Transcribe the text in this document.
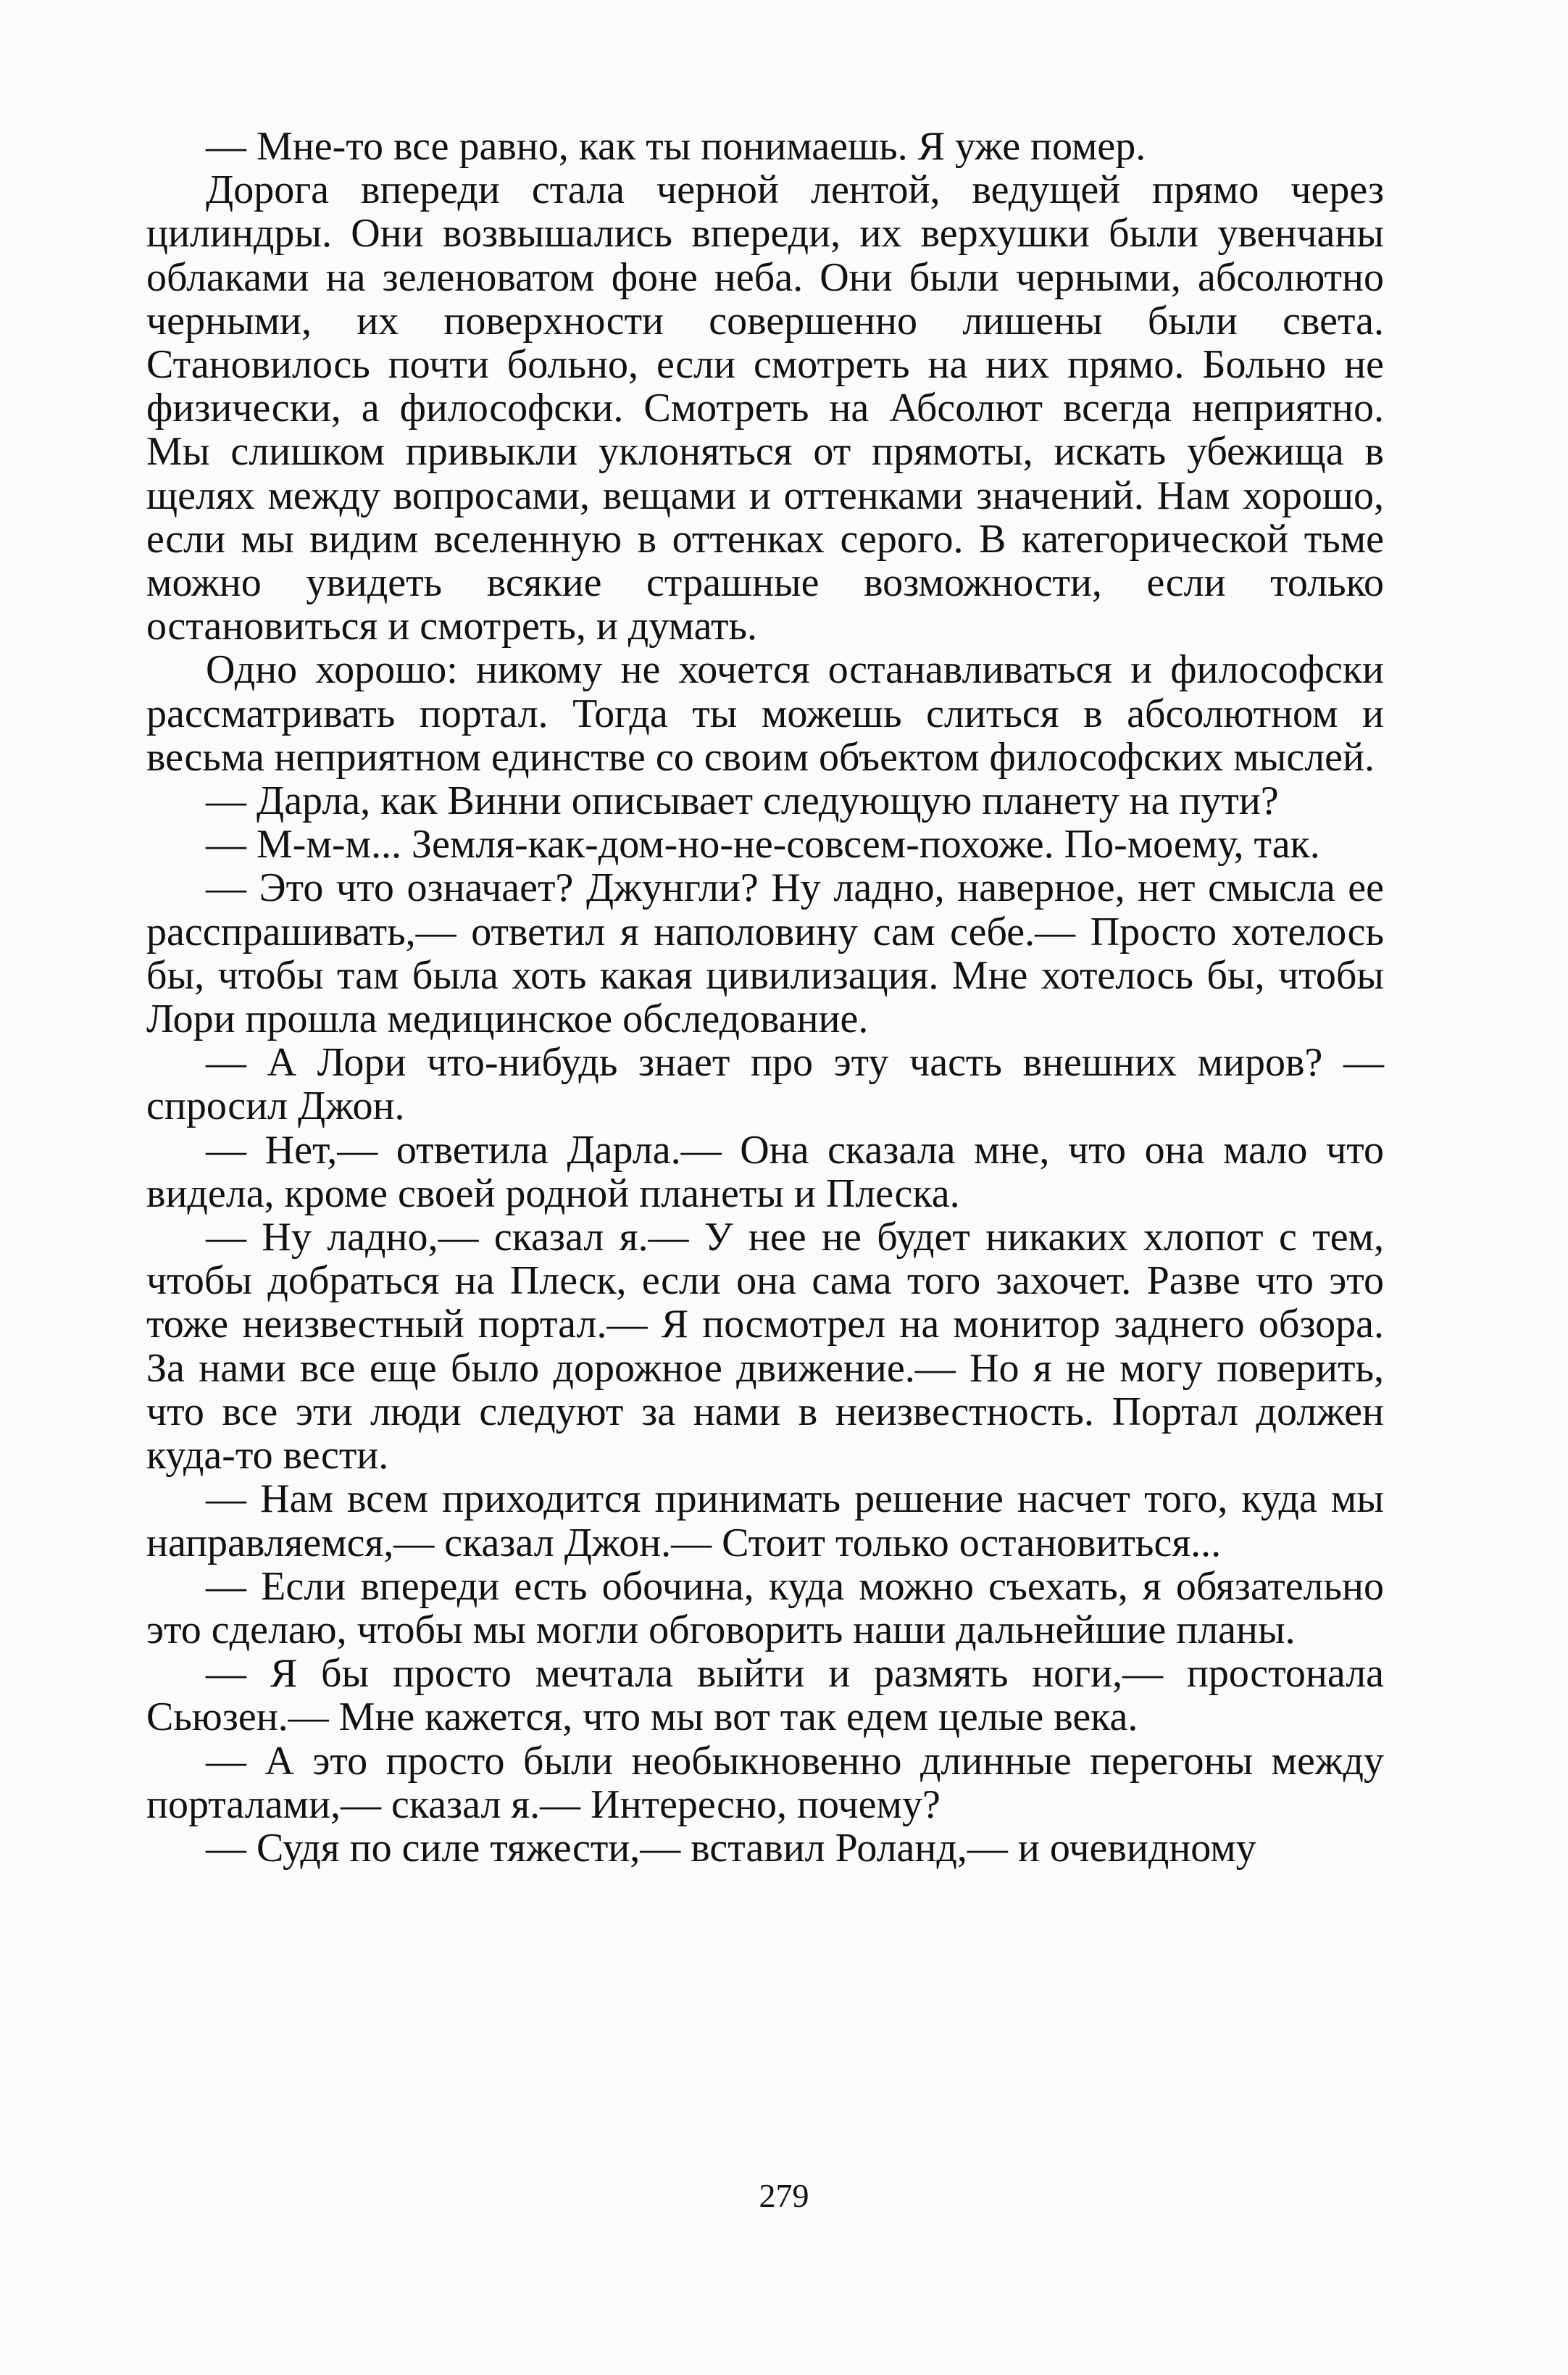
— Мне-то все равно, как ты понимаешь. Я уже помер.

Дорога впереди стала черной лентой, ведущей прямо через цилиндры. Они возвышались впереди, их верхушки были увенчаны облаками на зеленоватом фоне неба. Они были черными, абсолютно черными, их поверхности совершенно лишены были света. Становилось почти больно, если смотреть на них прямо. Больно не физически, а философски. Смотреть на Абсолют всегда неприятно. Мы слишком привыкли уклоняться от прямоты, искать убежища в щелях между вопросами, вещами и оттенками значений. Нам хорошо, если мы видим вселенную в оттенках серого. В категорической тьме можно увидеть всякие страшные возможности, если только остановиться и смотреть, и думать.

Одно хорошо: никому не хочется останавливаться и философски рассматривать портал. Тогда ты можешь слиться в абсолютном и весьма неприятном единстве со своим объектом философских мыслей.

— Дарла, как Винни описывает следующую планету на пути?

— М-м-м... Земля-как-дом-но-не-совсем-похоже. По-моему, так.

— Это что означает? Джунгли? Ну ладно, наверное, нет смысла ее расспрашивать,— ответил я наполовину сам себе.— Просто хотелось бы, чтобы там была хоть какая цивилизация. Мне хотелось бы, чтобы Лори прошла медицинское обследование.

— А Лори что-нибудь знает про эту часть внешних миров? — спросил Джон.

— Нет,— ответила Дарла.— Она сказала мне, что она мало что видела, кроме своей родной планеты и Плеска.

— Ну ладно,— сказал я.— У нее не будет никаких хлопот с тем, чтобы добраться на Плеск, если она сама того захочет. Разве что это тоже неизвестный портал.— Я посмотрел на монитор заднего обзора. За нами все еще было дорожное движение.— Но я не могу поверить, что все эти люди следуют за нами в неизвестность. Портал должен куда-то вести.

— Нам всем приходится принимать решение насчет того, куда мы направляемся,— сказал Джон.— Стоит только остановиться...

— Если впереди есть обочина, куда можно съехать, я обязательно это сделаю, чтобы мы могли обговорить наши дальнейшие планы.

— Я бы просто мечтала выйти и размять ноги,— простонала Сьюзен.— Мне кажется, что мы вот так едем целые века.

— А это просто были необыкновенно длинные перегоны между порталами,— сказал я.— Интересно, почему?

— Судя по силе тяжести,— вставил Роланд,— и очевидному

279
